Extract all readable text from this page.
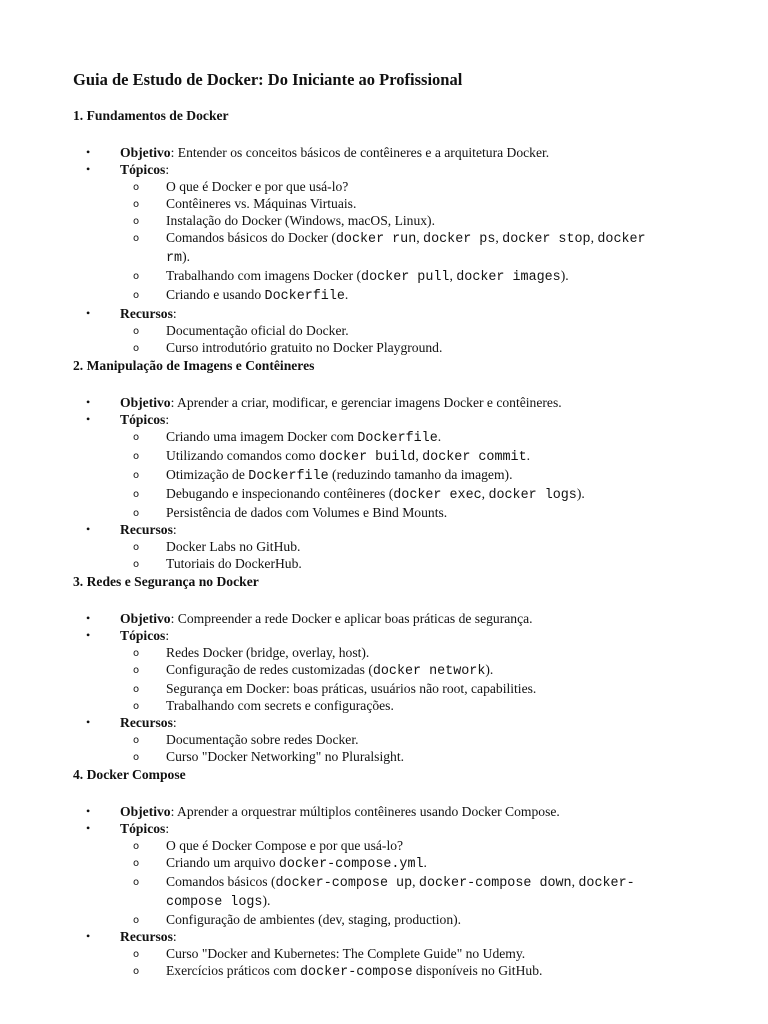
Guia de Estudo de Docker: Do Iniciante ao Profissional
1. Fundamentos de Docker
• Objetivo: Entender os conceitos básicos de contêineres e a arquitetura Docker.
• Tópicos:
o O que é Docker e por que usá-lo?
o Contêineres vs. Máquinas Virtuais.
o Instalação do Docker (Windows, macOS, Linux).
o Comandos básicos do Docker (docker run, docker ps, docker stop, docker rm).
o Trabalhando com imagens Docker (docker pull, docker images).
o Criando e usando Dockerfile.
• Recursos:
o Documentação oficial do Docker.
o Curso introdutório gratuito no Docker Playground.
2. Manipulação de Imagens e Contêineres
• Objetivo: Aprender a criar, modificar, e gerenciar imagens Docker e contêineres.
• Tópicos:
o Criando uma imagem Docker com Dockerfile.
o Utilizando comandos como docker build, docker commit.
o Otimização de Dockerfile (reduzindo tamanho da imagem).
o Debugando e inspecionando contêineres (docker exec, docker logs).
o Persistência de dados com Volumes e Bind Mounts.
• Recursos:
o Docker Labs no GitHub.
o Tutoriais do DockerHub.
3. Redes e Segurança no Docker
• Objetivo: Compreender a rede Docker e aplicar boas práticas de segurança.
• Tópicos:
o Redes Docker (bridge, overlay, host).
o Configuração de redes customizadas (docker network).
o Segurança em Docker: boas práticas, usuários não root, capabilities.
o Trabalhando com secrets e configurações.
• Recursos:
o Documentação sobre redes Docker.
o Curso "Docker Networking" no Pluralsight.
4. Docker Compose
• Objetivo: Aprender a orquestrar múltiplos contêineres usando Docker Compose.
• Tópicos:
o O que é Docker Compose e por que usá-lo?
o Criando um arquivo docker-compose.yml.
o Comandos básicos (docker-compose up, docker-compose down, docker-compose logs).
o Configuração de ambientes (dev, staging, production).
• Recursos:
o Curso "Docker and Kubernetes: The Complete Guide" no Udemy.
o Exercícios práticos com docker-compose disponíveis no GitHub.
